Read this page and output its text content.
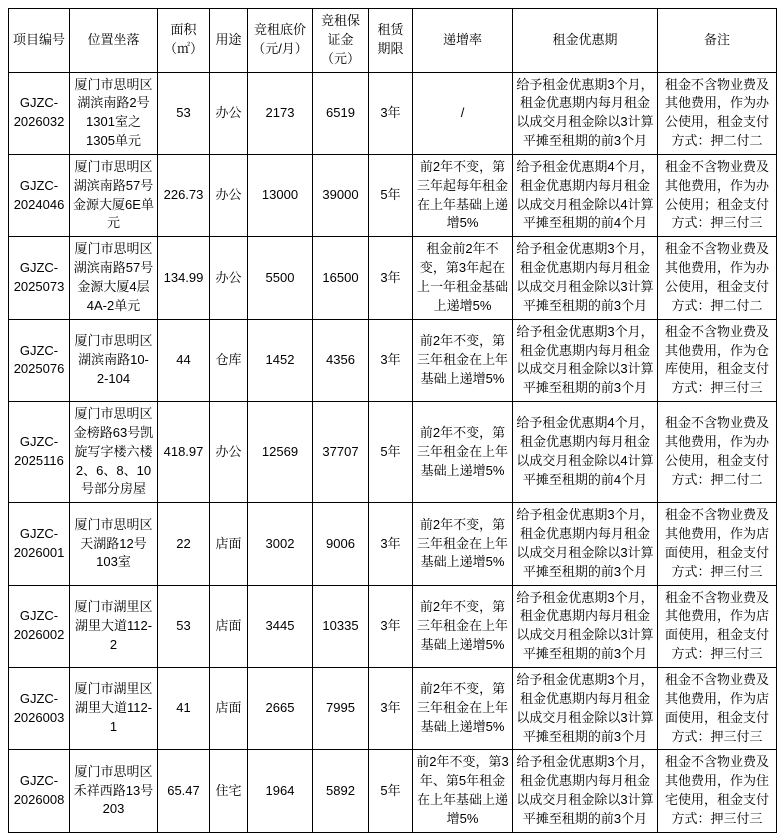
项目编号	位置坐落	面积（㎡）	用途	竞租底价（元/月）	竞租保证金（元）	租赁期限	递增率	租金优惠期	备注
GJZC-2026032	厦门市思明区湖滨南路2号1301室之1305单元	53	办公	2173	6519	3年	/	给予租金优惠期3个月，租金优惠期内每月租金以成交月租金除以3计算平摊至租期的前3个月	租金不含物业费及其他费用，作为办公使用，租金支付方式：押二付二
GJZC-2024046	厦门市思明区湖滨南路57号金源大厦6E单元	226.73	办公	13000	39000	5年	前2年不变，第三年起每年租金在上年基础上递增5%	给予租金优惠期4个月，租金优惠期内每月租金以成交月租金除以4计算平摊至租期的前4个月	租金不含物业费及其他费用，作为办公使用；租金支付方式：押三付三
GJZC-2025073	厦门市思明区湖滨南路57号金源大厦4层4A-2单元	134.99	办公	5500	16500	3年	租金前2年不变，第3年起在上一年租金基础上递增5%	给予租金优惠期3个月，租金优惠期内每月租金以成交月租金除以3计算平摊至租期的前3个月	租金不含物业费及其他费用，作为办公使用，租金支付方式：押二付二
GJZC-2025076	厦门市思明区湖滨南路10-2-104	44	仓库	1452	4356	3年	前2年不变，第三年租金在上年基础上递增5%	给予租金优惠期3个月，租金优惠期内每月租金以成交月租金除以3计算平摊至租期的前3个月	租金不含物业费及其他费用，作为仓库使用，租金支付方式：押三付三
GJZC-2025116	厦门市思明区金榜路63号凯旋写字楼六楼2、6、8、10号部分房屋	418.97	办公	12569	37707	5年	前2年不变，第三年租金在上年基础上递增5%	给予租金优惠期4个月，租金优惠期内每月租金以成交月租金除以4计算平摊至租期的前4个月	租金不含物业费及其他费用，作为办公使用，租金支付方式：押二付二
GJZC-2026001	厦门市思明区天湖路12号103室	22	店面	3002	9006	3年	前2年不变，第三年租金在上年基础上递增5%	给予租金优惠期3个月，租金优惠期内每月租金以成交月租金除以3计算平摊至租期的前3个月	租金不含物业费及其他费用，作为店面使用，租金支付方式：押三付三
GJZC-2026002	厦门市湖里区湖里大道112-2	53	店面	3445	10335	3年	前2年不变，第三年租金在上年基础上递增5%	给予租金优惠期3个月，租金优惠期内每月租金以成交月租金除以3计算平摊至租期的前3个月	租金不含物业费及其他费用，作为店面使用，租金支付方式：押三付三
GJZC-2026003	厦门市湖里区湖里大道112-1	41	店面	2665	7995	3年	前2年不变，第三年租金在上年基础上递增5%	给予租金优惠期3个月，租金优惠期内每月租金以成交月租金除以3计算平摊至租期的前3个月	租金不含物业费及其他费用，作为店面使用，租金支付方式：押三付三
GJZC-2026008	厦门市思明区禾祥西路13号203	65.47	住宅	1964	5892	5年	前2年不变，第3年、第5年租金在上年基础上递增5%	给予租金优惠期3个月，租金优惠期内每月租金以成交月租金除以3计算平摊至租期的前3个月	租金不含物业费及其他费用，作为住宅使用，租金支付方式：押三付三
